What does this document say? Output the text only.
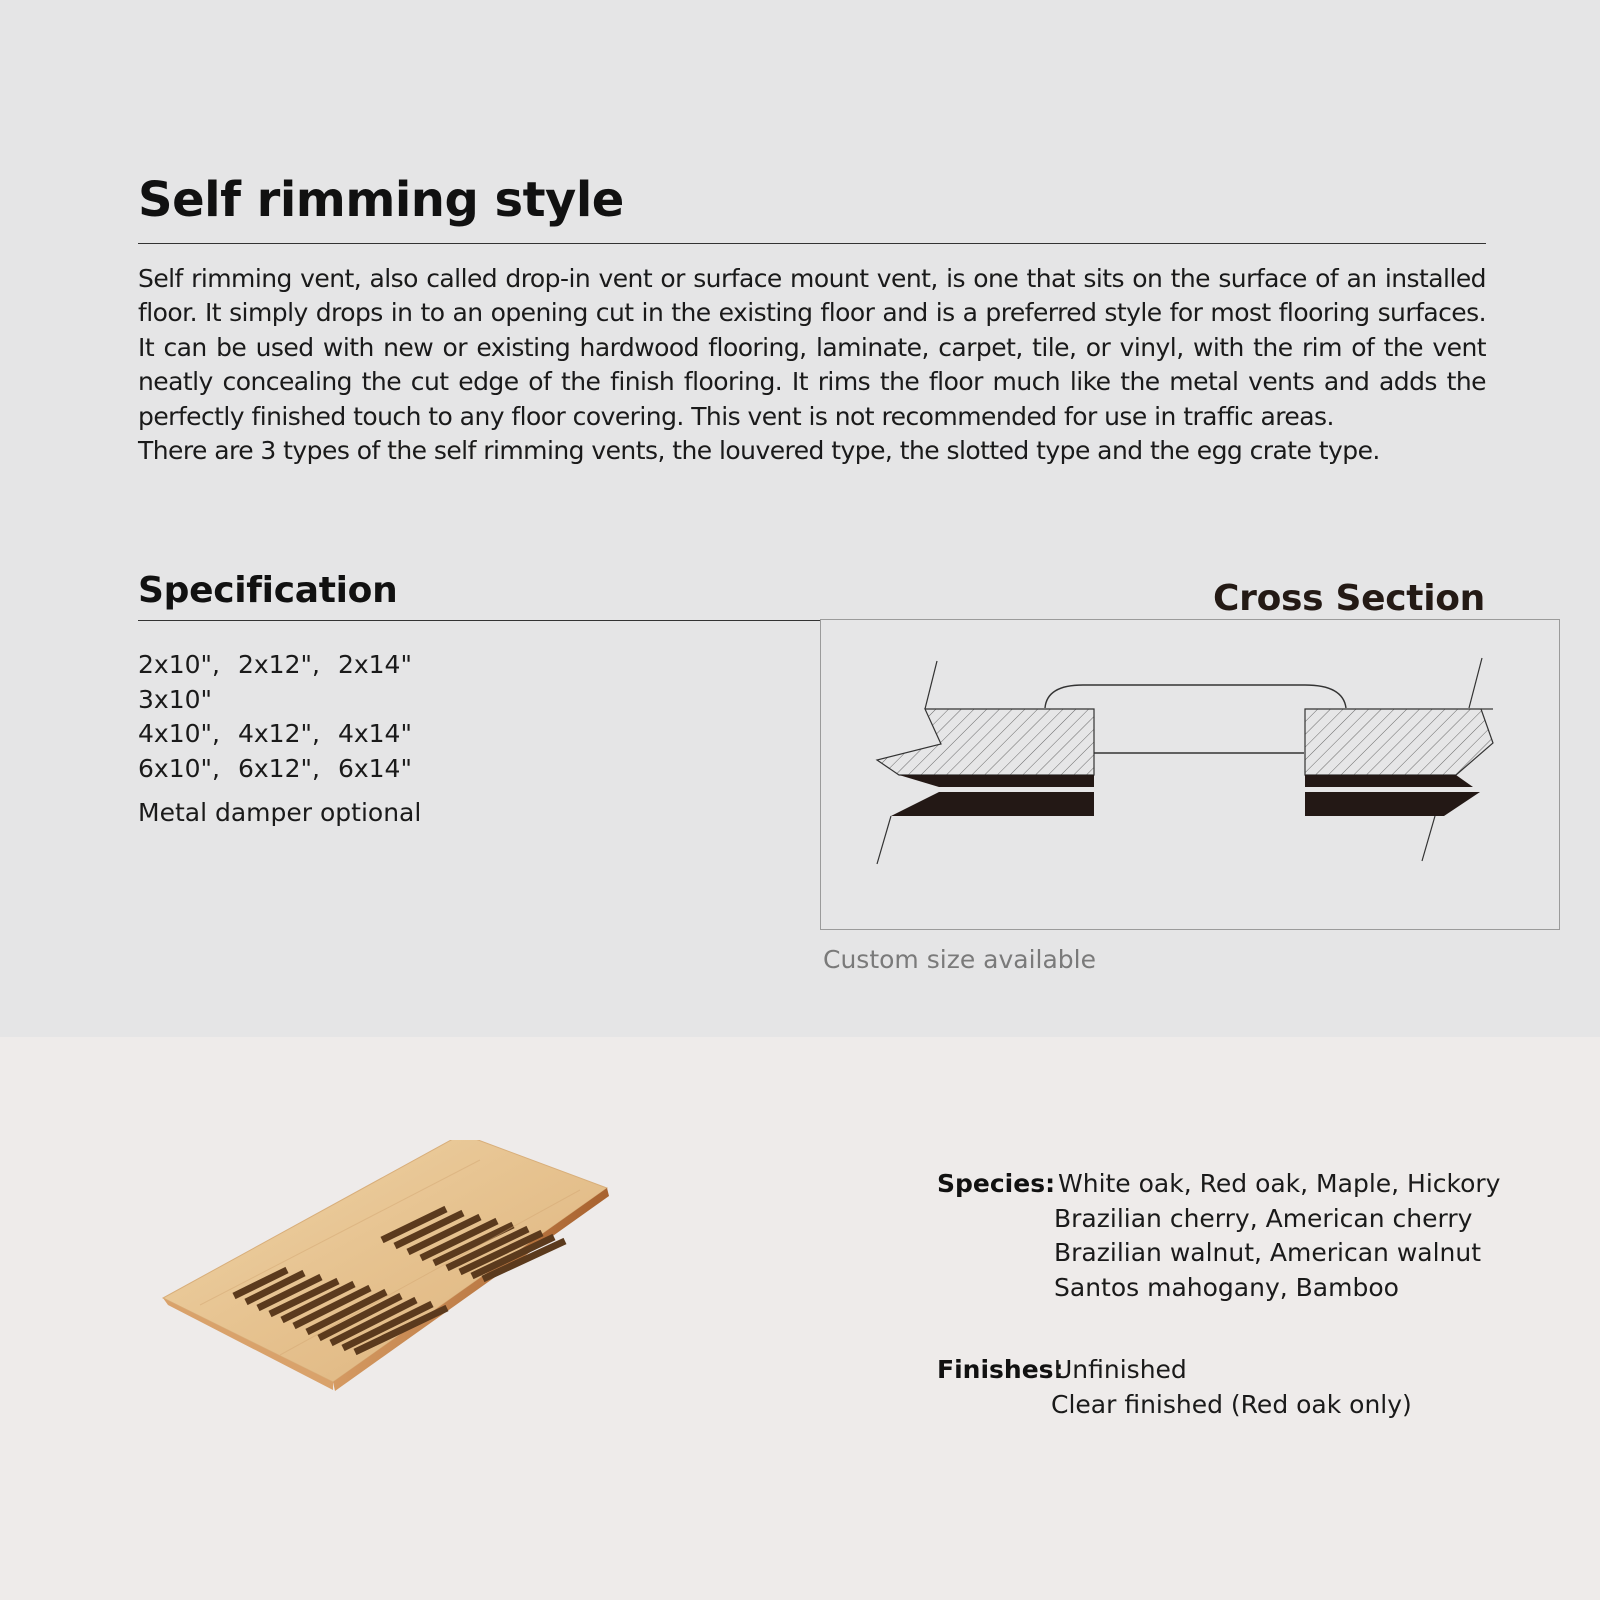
Self rimming style

Self rimming vent, also called drop-in vent or surface mount vent, is one that sits on the surface of an installed floor. It simply drops in to an opening cut in the existing floor and is a preferred style for most flooring surfaces. It can be used with new or existing hardwood flooring, laminate, carpet, tile, or vinyl, with the rim of the vent neatly concealing the cut edge of the finish flooring. It rims the floor much like the metal vents and adds the perfectly finished touch to any floor covering. This vent is not recommended for use in traffic areas.

There are 3 types of the self rimming vents, the louvered type, the slotted type and the egg crate type.

Specification
2x10", 2x12", 2x14"
3x10"
4x10", 4x12", 4x14"
6x10", 6x12", 6x14"
Metal damper optional
Cross Section
Custom size available
Species: White oak, Red oak, Maple, Hickory
Brazilian cherry, American cherry
Brazilian walnut, American walnut
Santos mahogany, Bamboo
Finishes:
Unfinished
Clear finished (Red oak only)
